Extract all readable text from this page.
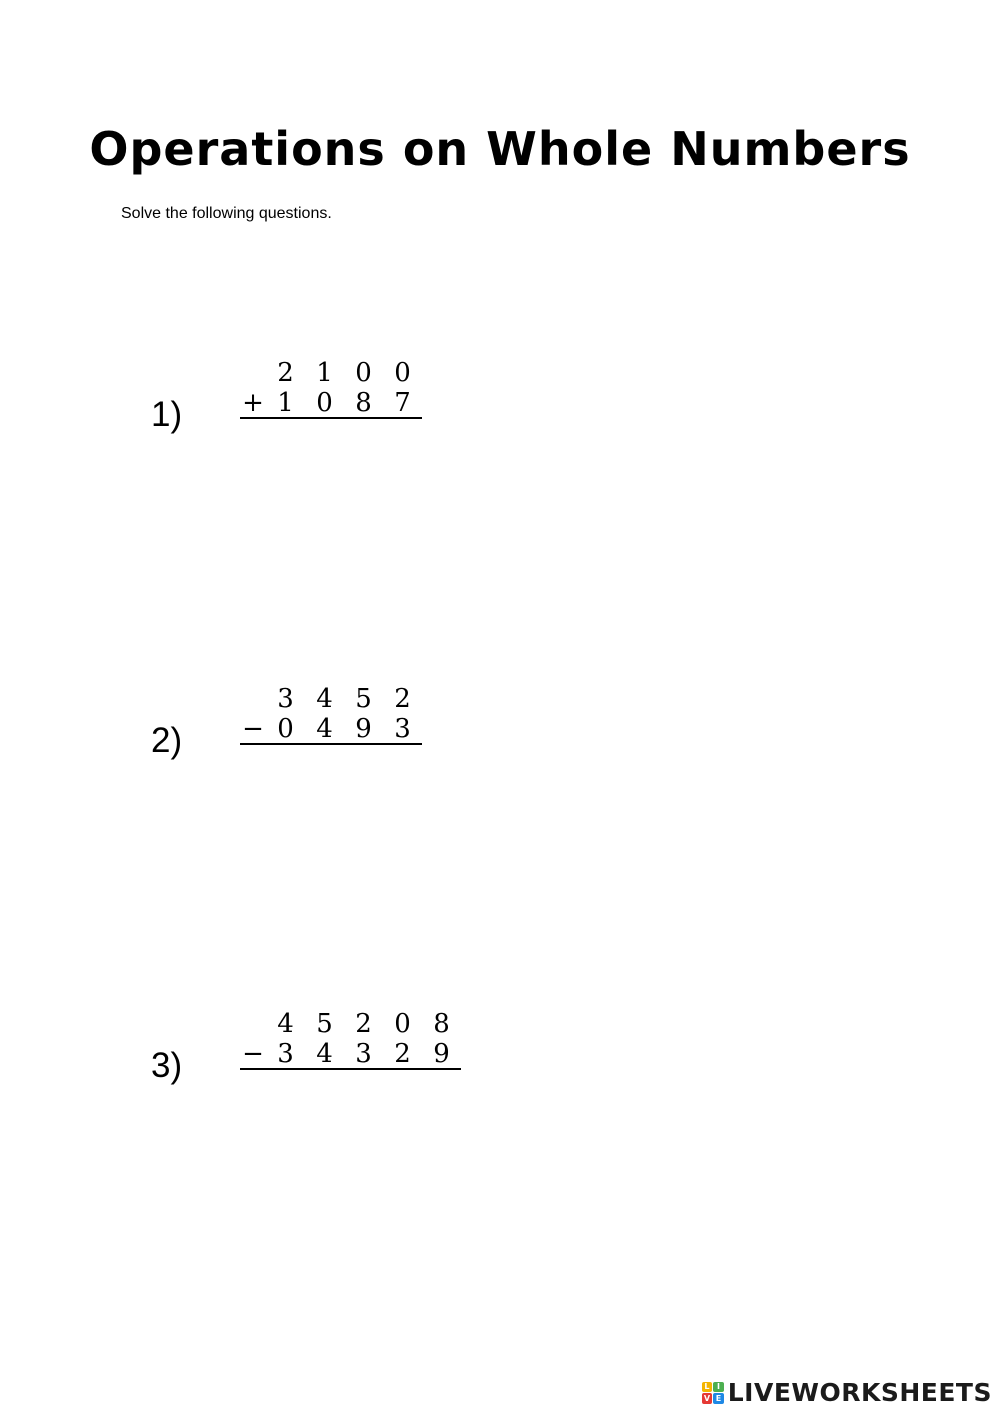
Operations on Whole Numbers

Solve the following questions.

1)
2 1 0 0
+ 1 0 8 7
2)
3 4 5 2
− 0 4 9 3
3)
4 5 2 0 8
− 3 4 3 2 9
L I
V E LIVEWORKSHEETS
